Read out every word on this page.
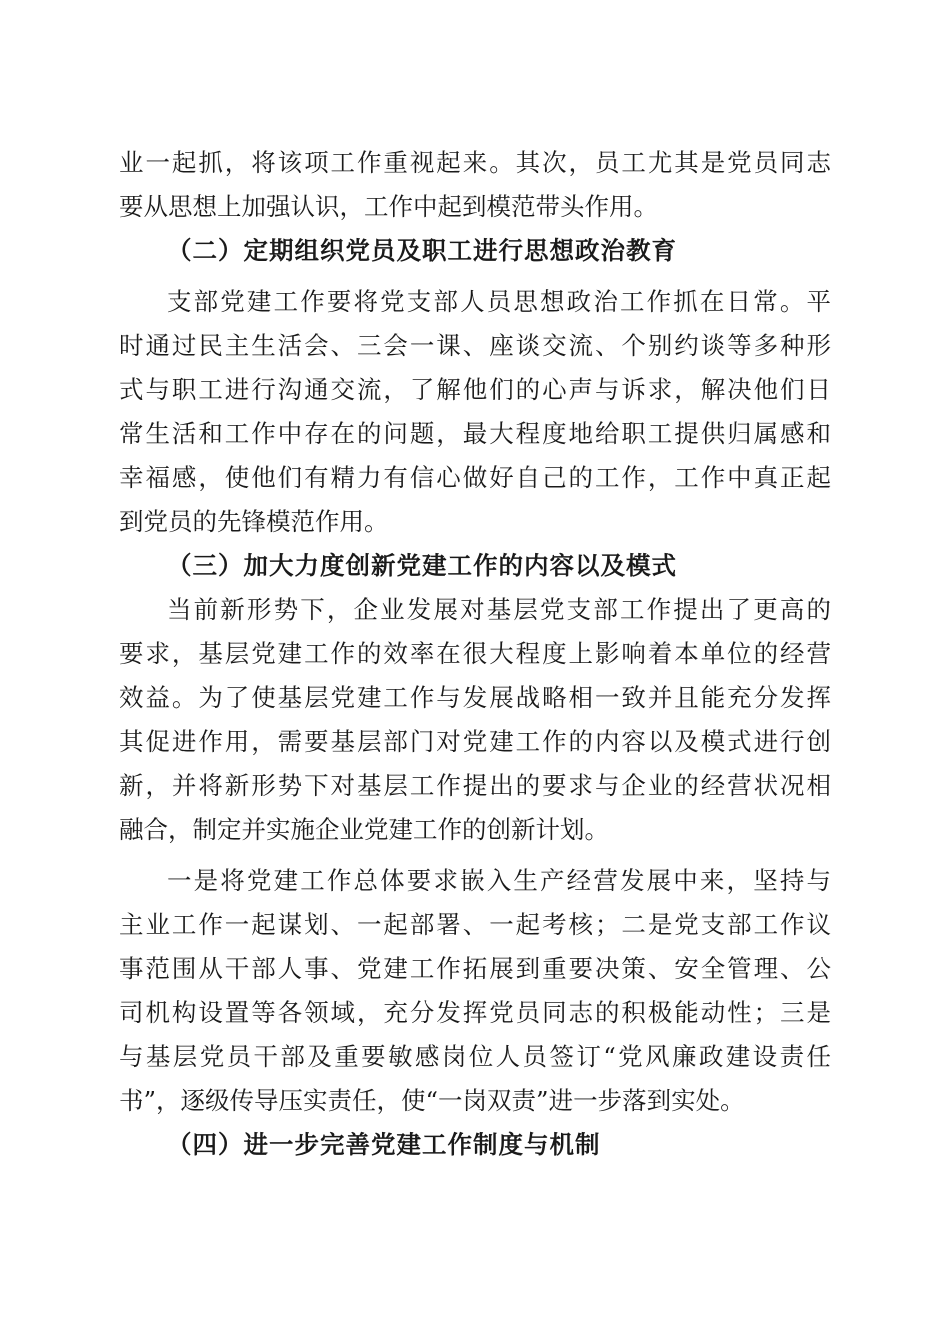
业一起抓，将该项工作重视起来。其次，员工尤其是党员同志
要从思想上加强认识，工作中起到模范带头作用。
（二）定期组织党员及职工进行思想政治教育
支部党建工作要将党支部人员思想政治工作抓在日常。平
时通过民主生活会、三会一课、座谈交流、个别约谈等多种形
式与职工进行沟通交流，了解他们的心声与诉求，解决他们日
常生活和工作中存在的问题，最大程度地给职工提供归属感和
幸福感，使他们有精力有信心做好自己的工作，工作中真正起
到党员的先锋模范作用。
（三）加大力度创新党建工作的内容以及模式
当前新形势下，企业发展对基层党支部工作提出了更高的
要求，基层党建工作的效率在很大程度上影响着本单位的经营
效益。为了使基层党建工作与发展战略相一致并且能充分发挥
其促进作用，需要基层部门对党建工作的内容以及模式进行创
新，并将新形势下对基层工作提出的要求与企业的经营状况相
融合，制定并实施企业党建工作的创新计划。
一是将党建工作总体要求嵌入生产经营发展中来，坚持与
主业工作一起谋划、一起部署、一起考核；二是党支部工作议
事范围从干部人事、党建工作拓展到重要决策、安全管理、公
司机构设置等各领域，充分发挥党员同志的积极能动性；三是
与基层党员干部及重要敏感岗位人员签订“党风廉政建设责任
书”，逐级传导压实责任，使“一岗双责”进一步落到实处。
（四）进一步完善党建工作制度与机制
